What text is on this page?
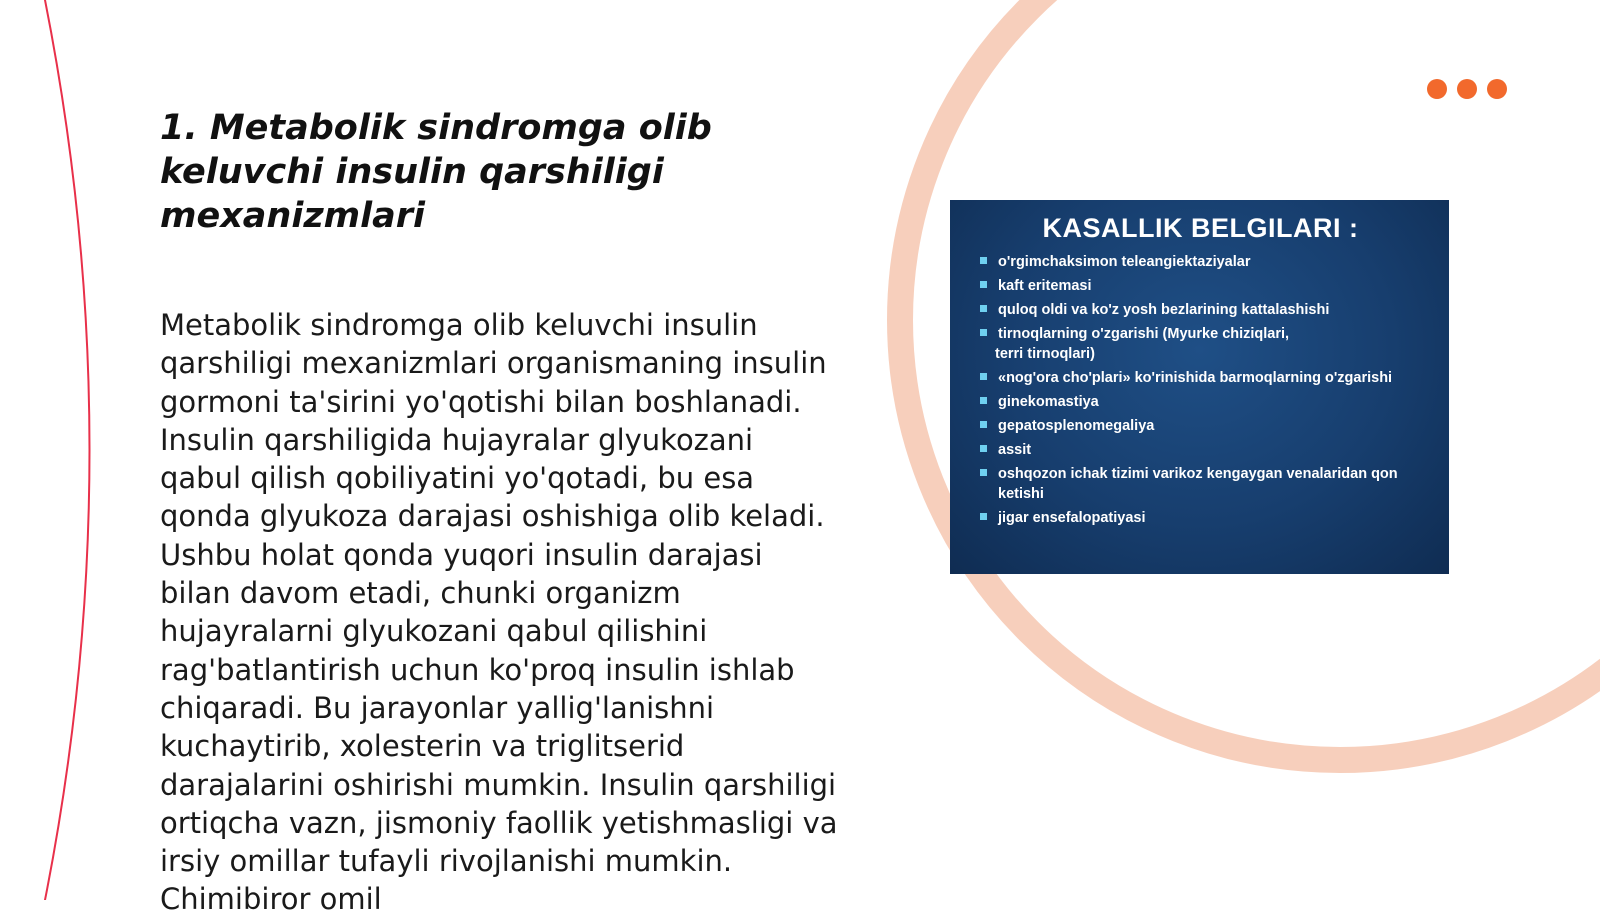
1. Metabolik sindromga olib keluvchi insulin qarshiligi mexanizmlari

Metabolik sindromga olib keluvchi insulin qarshiligi mexanizmlari organismaning insulin gormoni ta'sirini yo'qotishi bilan boshlanadi. Insulin qarshiligida hujayralar glyukozani qabul qilish qobiliyatini yo'qotadi, bu esa qonda glyukoza darajasi oshishiga olib keladi. Ushbu holat qonda yuqori insulin darajasi bilan davom etadi, chunki organizm hujayralarni glyukozani qabul qilishini rag'batlantirish uchun ko'proq insulin ishlab chiqaradi. Bu jarayonlar yallig'lanishni kuchaytirib, xolesterin va triglitserid darajalarini oshirishi mumkin. Insulin qarshiligi ortiqcha vazn, jismoniy faollik yetishmasligi va irsiy omillar tufayli rivojlanishi mumkin. Chimibiror omil

KASALLIK BELGILARI :
o'rgimchaksimon teleangiektaziyalar
kaft eritemasi
quloq oldi va ko'z yosh bezlarining kattalashishi
tirnoqlarning o'zgarishi (Myurke chiziqlari,
terri tirnoqlari)
«nog'ora cho'plari» ko'rinishida barmoqlarning o'zgarishi
ginekomastiya
gepatosplenomegaliya
assit
oshqozon ichak tizimi varikoz kengaygan venalaridan qon ketishi
jigar ensefalopatiyasi
